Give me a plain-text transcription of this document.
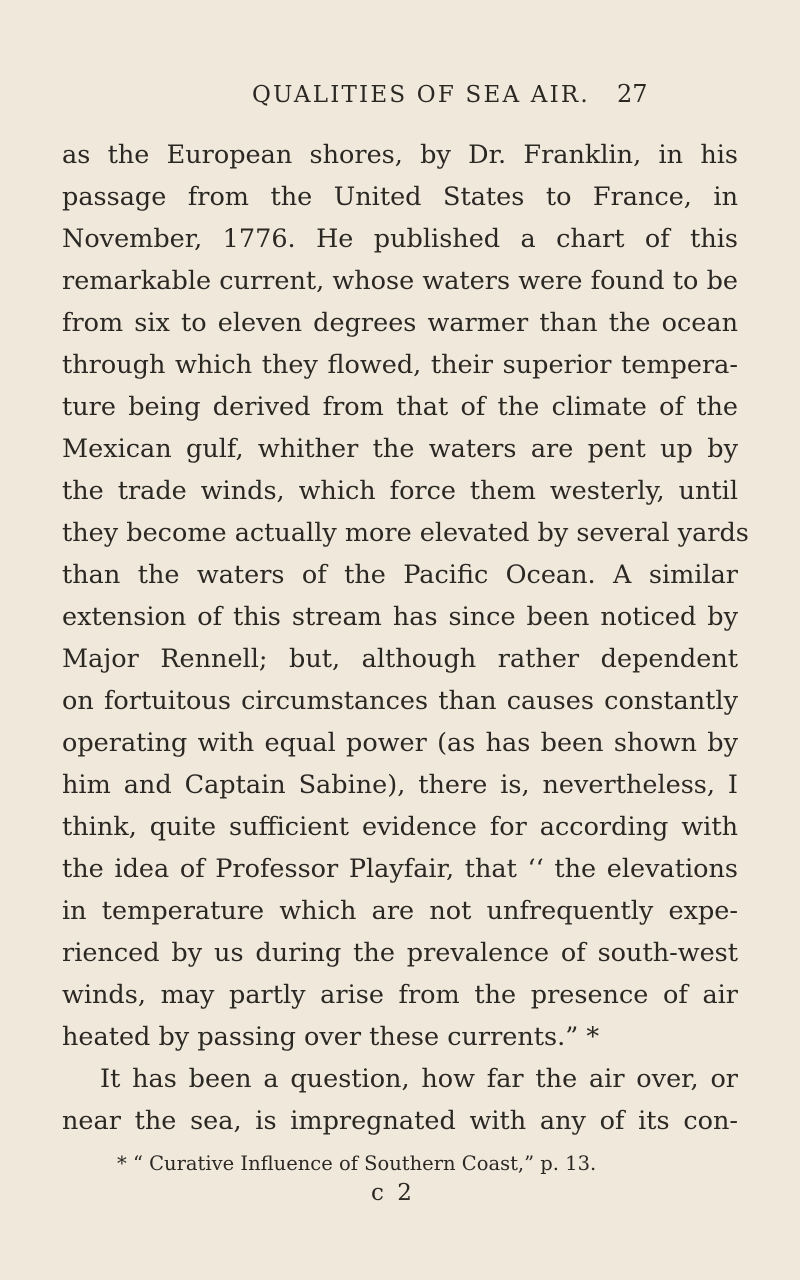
QUALITIES OF SEA AIR. 27
as the European shores, by Dr. Franklin, in his
passage from the United States to France, in
November, 1776. He published a chart of this
remarkable current, whose waters were found to be
from six to eleven degrees warmer than the ocean
through which they flowed, their superior tempera-
ture being derived from that of the climate of the
Mexican gulf, whither the waters are pent up by
the trade winds, which force them westerly, until
they become actually more elevated by several yards
than the waters of the Pacific Ocean. A similar
extension of this stream has since been noticed by
Major Rennell; but, although rather dependent
on fortuitous circumstances than causes constantly
operating with equal power (as has been shown by
him and Captain Sabine), there is, nevertheless, I
think, quite sufficient evidence for according with
the idea of Professor Playfair, that ‘‘ the elevations
in temperature which are not unfrequently expe-
rienced by us during the prevalence of south-west
winds, may partly arise from the presence of air
heated by passing over these currents.” *
It has been a question, how far the air over, or
near the sea, is impregnated with any of its con-
* “ Curative Influence of Southern Coast,” p. 13.
c 2
